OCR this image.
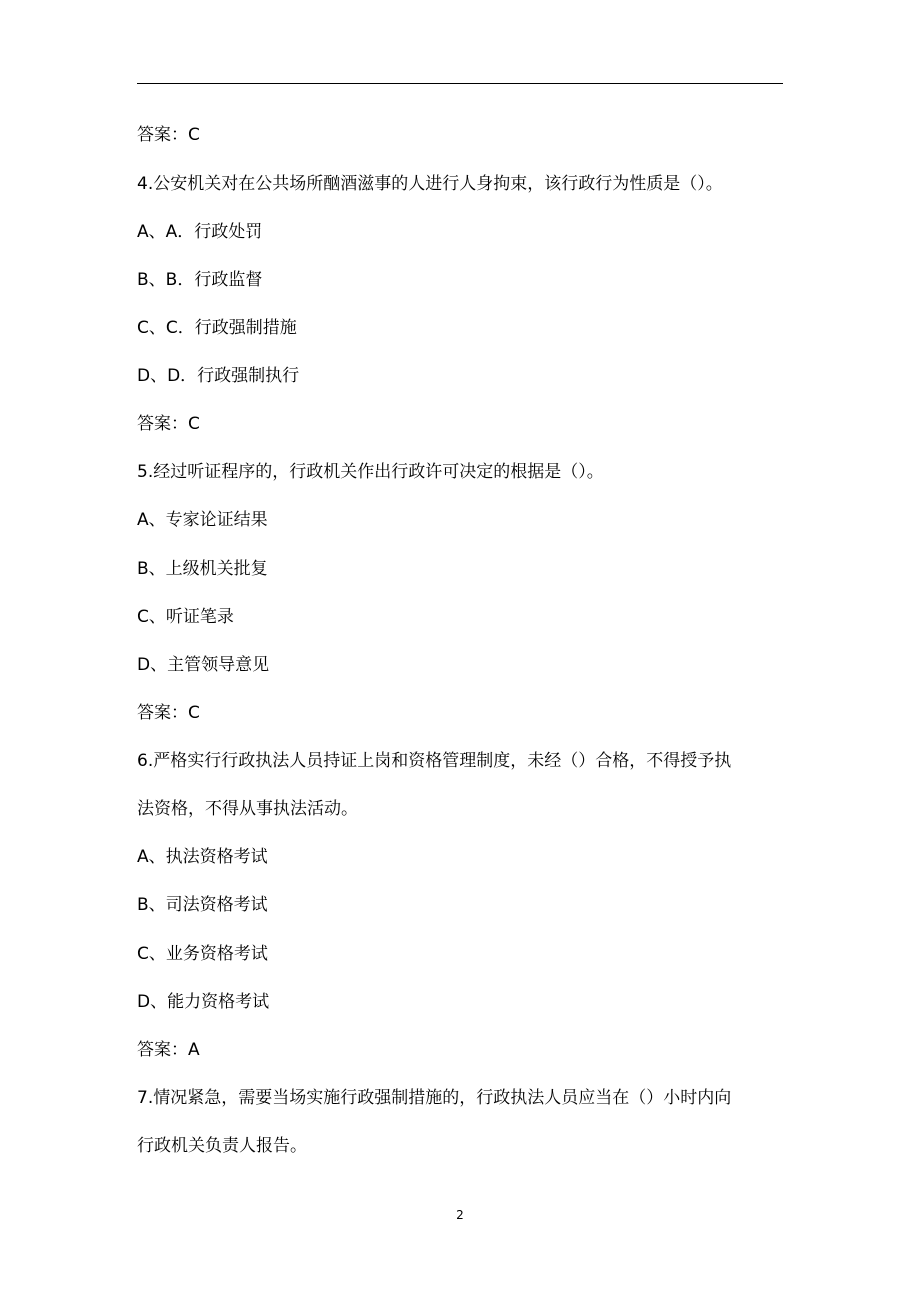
答案：C
4.公安机关对在公共场所酗酒滋事的人进行人身拘束，该行政行为性质是（）。
A、A．行政处罚
B、B．行政监督
C、C．行政强制措施
D、D．行政强制执行
答案：C
5.经过听证程序的，行政机关作出行政许可决定的根据是（）。
A、专家论证结果
B、上级机关批复
C、听证笔录
D、主管领导意见
答案：C
6.严格实行行政执法人员持证上岗和资格管理制度，未经（）合格，不得授予执
法资格，不得从事执法活动。
A、执法资格考试
B、司法资格考试
C、业务资格考试
D、能力资格考试
答案：A
7.情况紧急，需要当场实施行政强制措施的，行政执法人员应当在（）小时内向
行政机关负责人报告。
2
